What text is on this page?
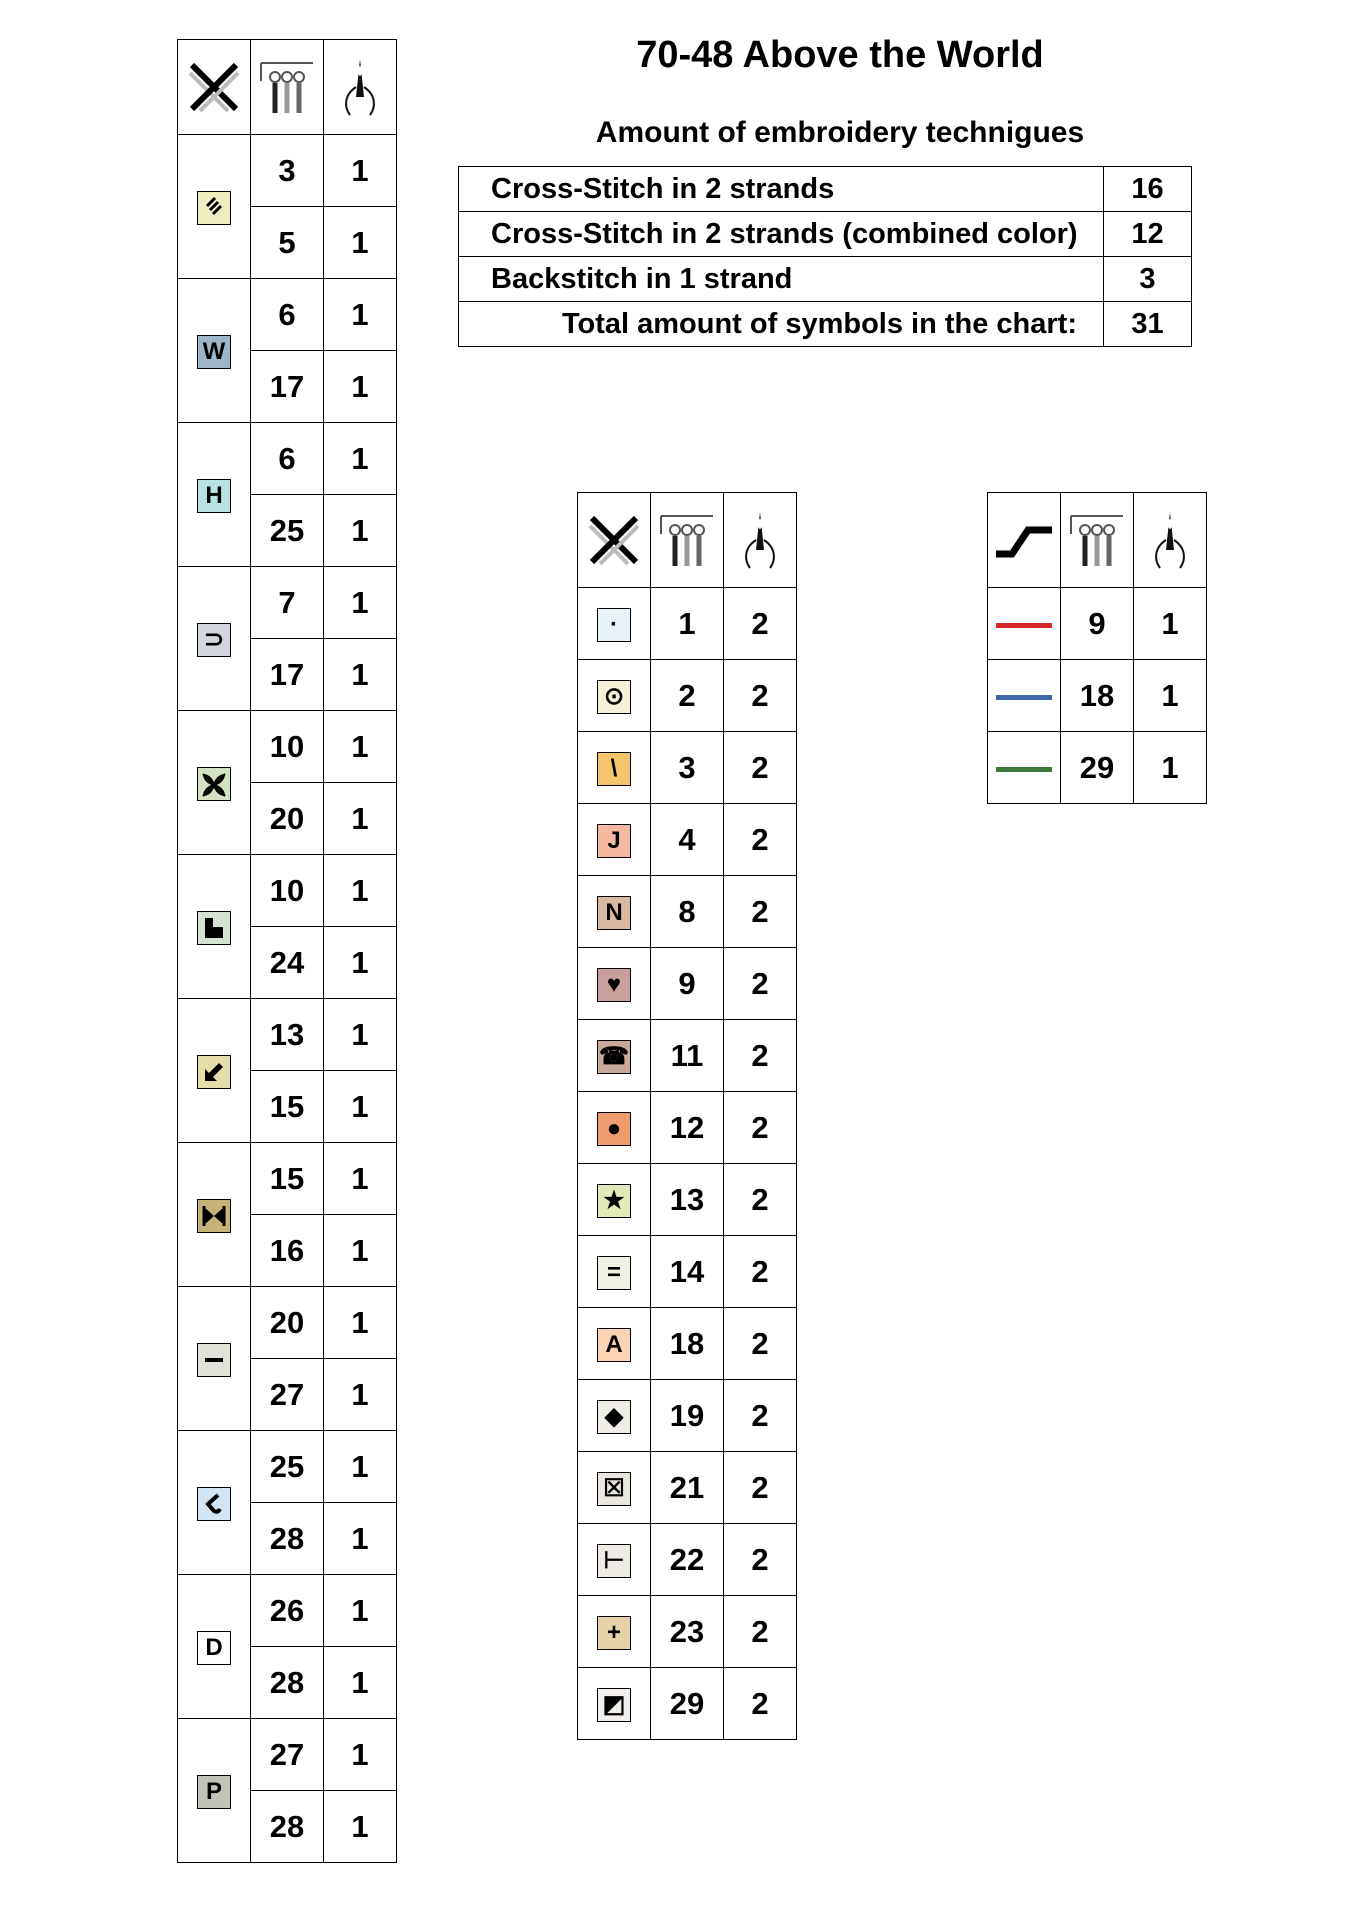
70-48 Above the World
Amount of embroidery technigues
Cross-Stitch in 2 strands	16
Cross-Stitch in 2 strands (combined color)	12
Backstitch in 1 strand	3
Total amount of symbols in the chart:	31

	3	1
	5	1
W	6	1
	17	1
H	6	1
	25	1
⊃	7	1
	17	1

	10	1
	20	1

	10	1
	24	1

	13	1
	15	1

	15	1
	16	1

	20	1
	27	1

	25	1
	28	1
D	26	1
	28	1
P	27	1
	28	1

·	1	2
⊙	2	2
\	3	2
J	4	2
N	8	2
♥	9	2
☎	11	2
●	12	2
★	13	2
=	14	2
A	18	2
◆	19	2
☒	21	2
⊢	22	2
+	23	2
◩	29	2

	9	1
	18	1
	29	1
